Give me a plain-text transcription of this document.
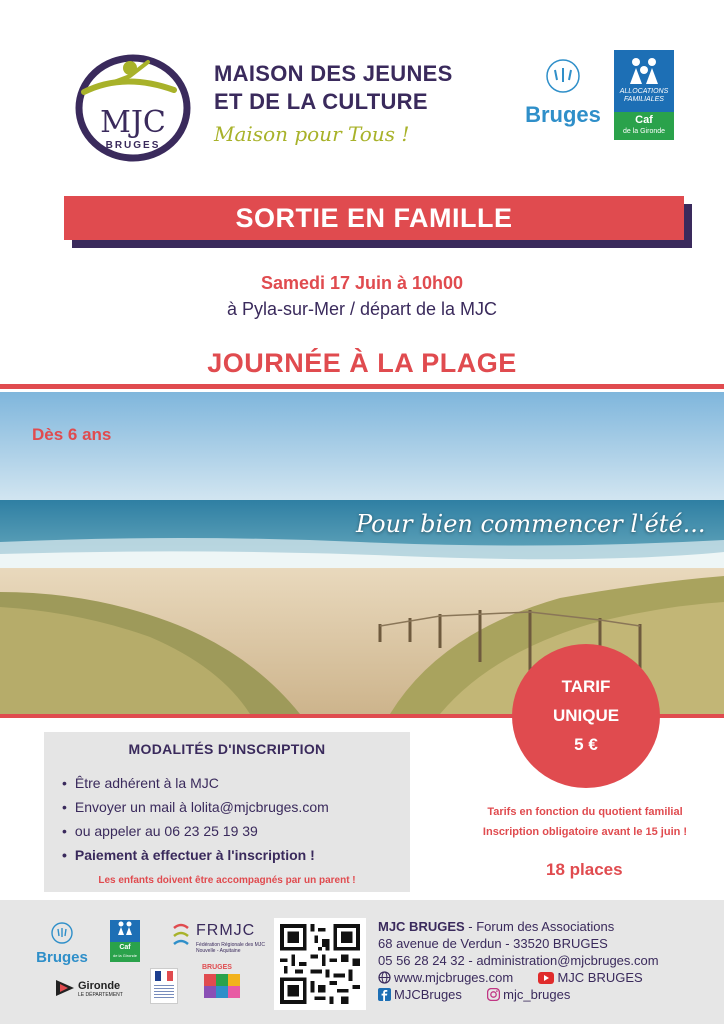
MJC
BRUGES
MAISON DES JEUNES
ET DE LA CULTURE
Maison pour Tous !
Bruges
ALLOCATIONS
FAMILIALES
Caf
de la Gironde
SORTIE EN FAMILLE
Samedi 17 Juin à 10h00
à Pyla-sur-Mer / départ de la MJC
JOURNÉE À LA PLAGE
Dès 6 ans
Pour bien commencer l'été...
TARIF
UNIQUE
5 €
MODALITÉS D'INSCRIPTION
• Être adhérent à la MJC
• Envoyer un mail à lolita@mjcbruges.com
• ou appeler au 06 23 25 19 39
• Paiement à effectuer à l'inscription !
Les enfants doivent être accompagnés par un parent !
Tarifs en fonction du quotient familial
Inscription obligatoire avant le 15 juin !
18 places
Bruges
Caf
de la Gironde
FRMJC
Fédération Régionale des MJC
Nouvelle - Aquitaine
Gironde
LE DÉPARTEMENT
BRUGES
MJC BRUGES - Forum des Associations
68 avenue de Verdun - 33520 BRUGES
05 56 28 24 32 - administration@mjcbruges.com
www.mjcbruges.com	MJC BRUGES
MJCBruges	mjc_bruges
